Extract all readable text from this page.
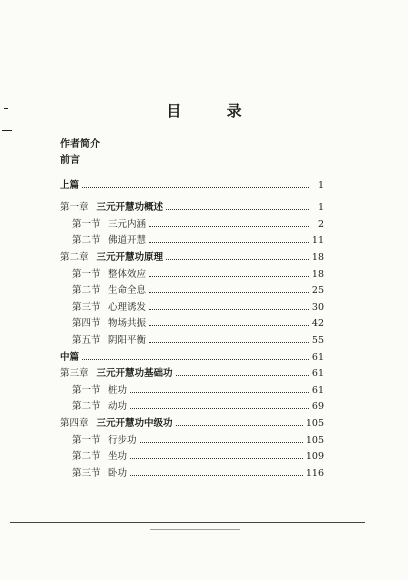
目 录
作者简介
前言
上篇	1
第一章 三元开慧功概述	1
第一节 三元内涵	2
第二节 佛道开慧	11
第二章 三元开慧功原理	18
第一节 整体效应	18
第二节 生命全息	25
第三节 心理诱发	30
第四节 物场共振	42
第五节 阴阳平衡	55
中篇	61
第三章 三元开慧功基础功	61
第一节 桩功	61
第二节 动功	69
第四章 三元开慧功中级功	105
第一节 行步功	105
第二节 坐功	109
第三节 卧功	116
